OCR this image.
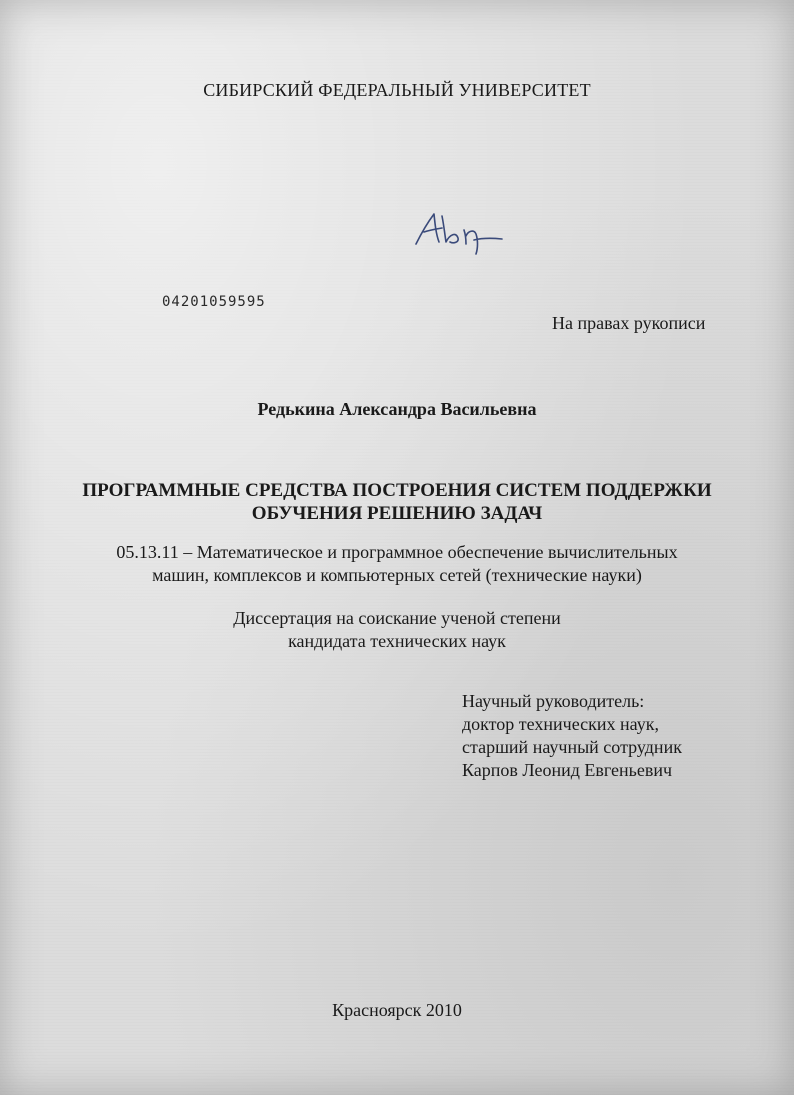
СИБИРСКИЙ ФЕДЕРАЛЬНЫЙ УНИВЕРСИТЕТ
04201059595
На правах рукописи
Редькина Александра Васильевна
ПРОГРАММНЫЕ СРЕДСТВА ПОСТРОЕНИЯ СИСТЕМ ПОДДЕРЖКИ
ОБУЧЕНИЯ РЕШЕНИЮ ЗАДАЧ
05.13.11 – Математическое и программное обеспечение вычислительных
машин, комплексов и компьютерных сетей (технические науки)
Диссертация на соискание ученой степени
кандидата технических наук
Научный руководитель:
доктор технических наук,
старший научный сотрудник
Карпов Леонид Евгеньевич
Красноярск 2010
